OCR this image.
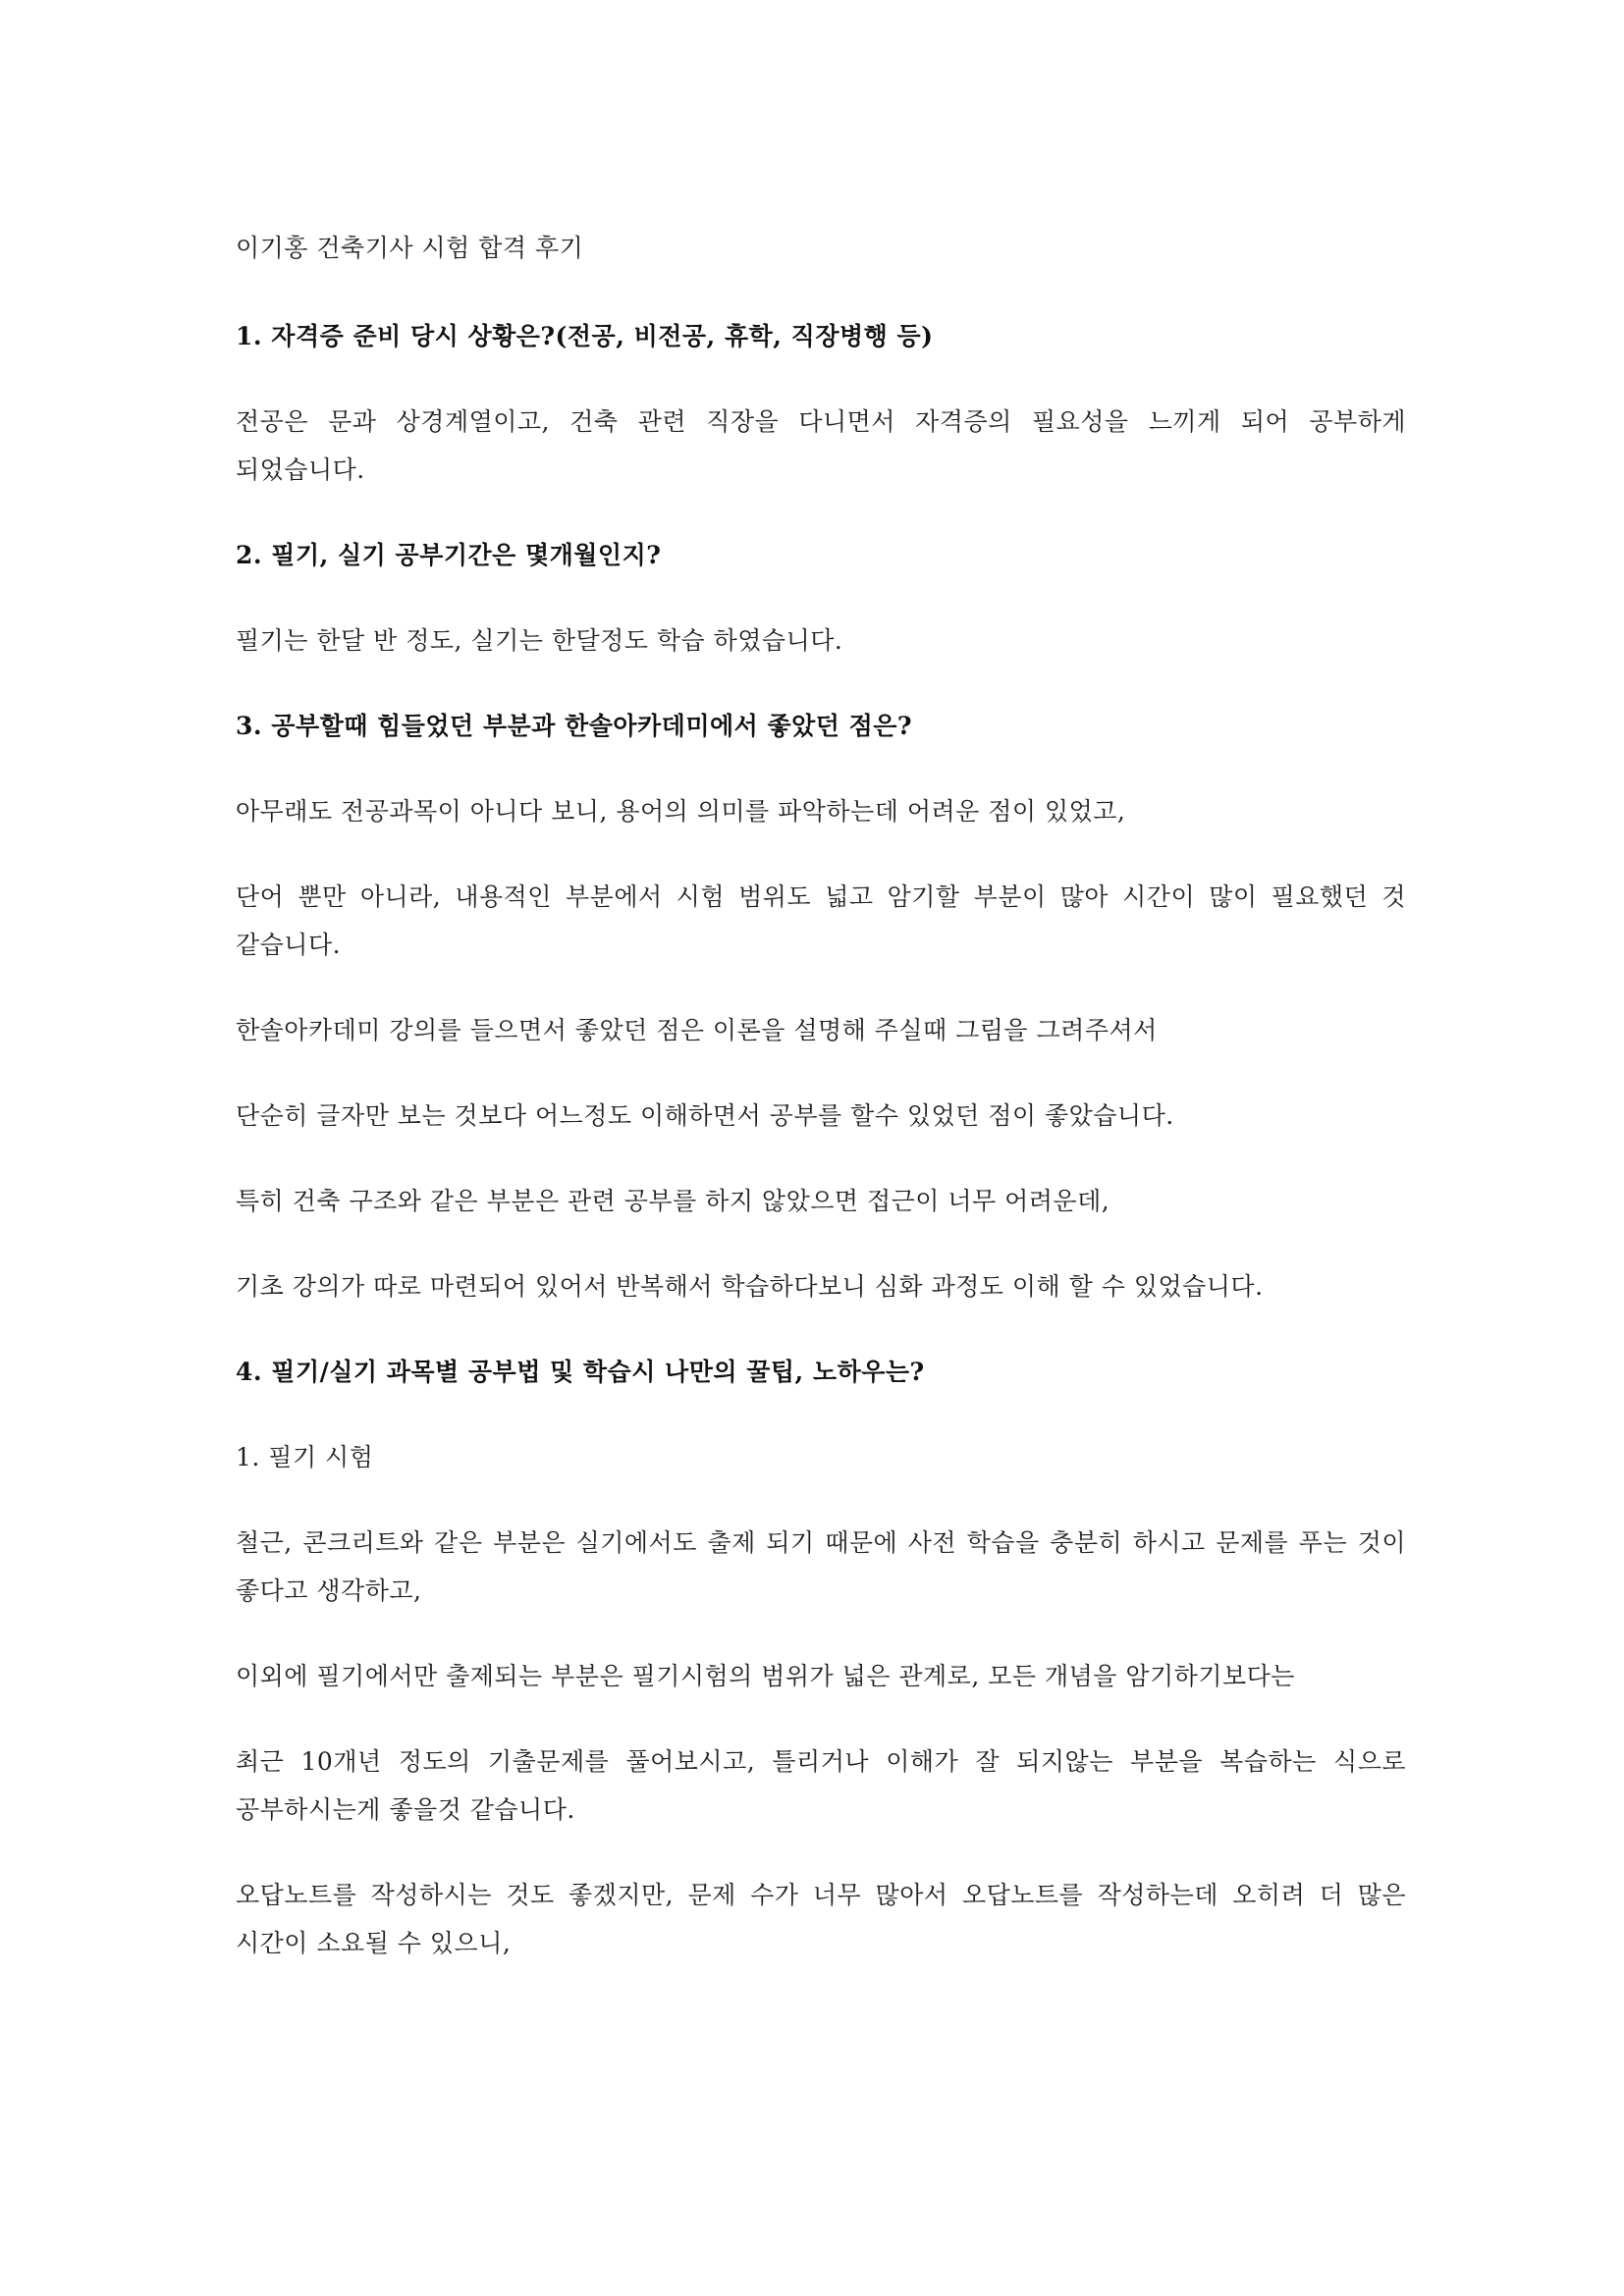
이기홍 건축기사 시험 합격 후기

1. 자격증 준비 당시 상황은?(전공, 비전공, 휴학, 직장병행 등)

전공은 문과 상경계열이고, 건축 관련 직장을 다니면서 자격증의 필요성을 느끼게 되어 공부하게 되었습니다.

2. 필기, 실기 공부기간은 몇개월인지?

필기는 한달 반 정도, 실기는 한달정도 학습 하였습니다.

3. 공부할때 힘들었던 부분과 한솔아카데미에서 좋았던 점은?

아무래도 전공과목이 아니다 보니, 용어의 의미를 파악하는데 어려운 점이 있었고,

단어 뿐만 아니라, 내용적인 부분에서 시험 범위도 넓고 암기할 부분이 많아 시간이 많이 필요했던 것 같습니다.

한솔아카데미 강의를 들으면서 좋았던 점은 이론을 설명해 주실때 그림을 그려주셔서

단순히 글자만 보는 것보다 어느정도 이해하면서 공부를 할수 있었던 점이 좋았습니다.

특히 건축 구조와 같은 부분은 관련 공부를 하지 않았으면 접근이 너무 어려운데,

기초 강의가 따로 마련되어 있어서 반복해서 학습하다보니 심화 과정도 이해 할 수 있었습니다.

4. 필기/실기 과목별 공부법 및 학습시 나만의 꿀팁, 노하우는?

1. 필기 시험

철근, 콘크리트와 같은 부분은 실기에서도 출제 되기 때문에 사전 학습을 충분히 하시고 문제를 푸는 것이 좋다고 생각하고,

이외에 필기에서만 출제되는 부분은 필기시험의 범위가 넓은 관계로, 모든 개념을 암기하기보다는

최근 10개년 정도의 기출문제를 풀어보시고, 틀리거나 이해가 잘 되지않는 부분을 복습하는 식으로 공부하시는게 좋을것 같습니다.

오답노트를 작성하시는 것도 좋겠지만, 문제 수가 너무 많아서 오답노트를 작성하는데 오히려 더 많은 시간이 소요될 수 있으니,
